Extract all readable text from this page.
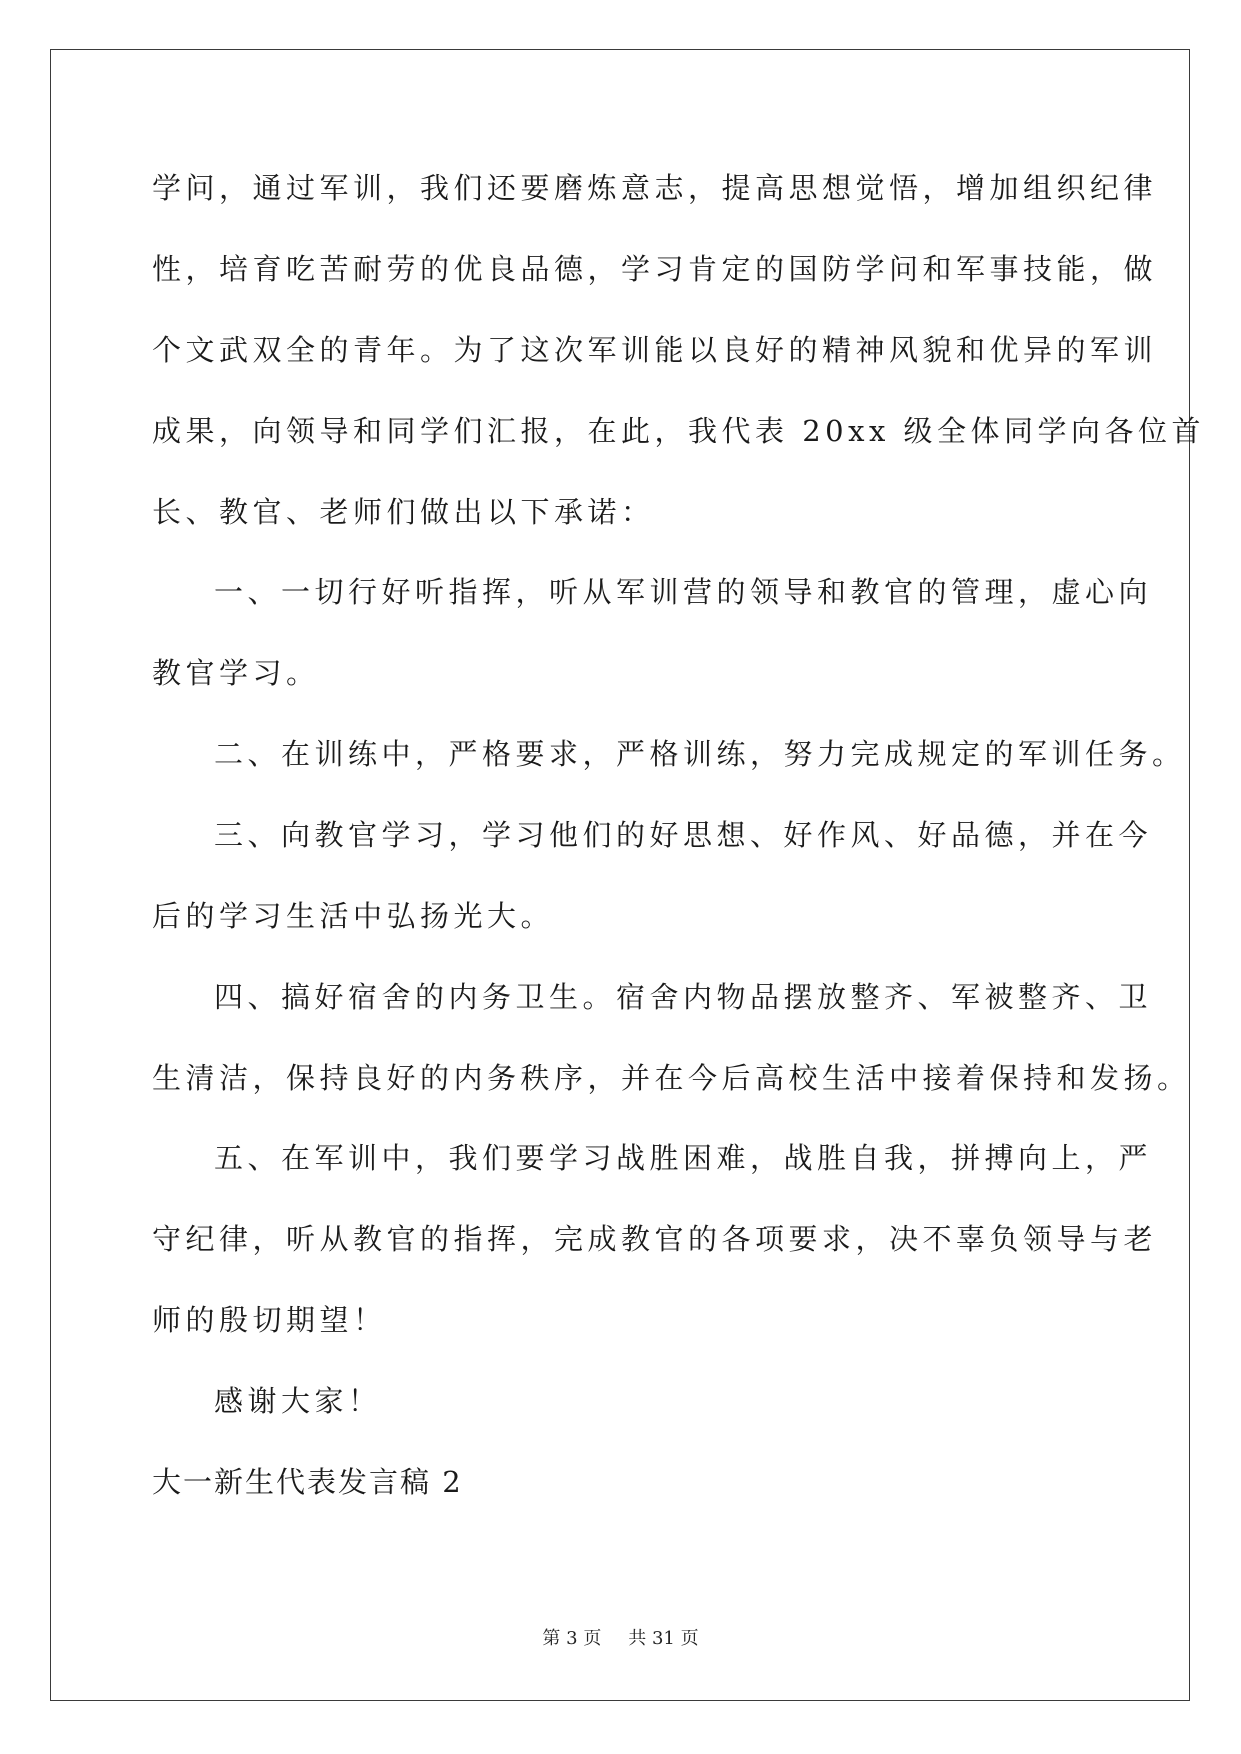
学问，通过军训，我们还要磨炼意志，提高思想觉悟，增加组织纪律
性，培育吃苦耐劳的优良品德，学习肯定的国防学问和军事技能，做
个文武双全的青年。为了这次军训能以良好的精神风貌和优异的军训
成果，向领导和同学们汇报，在此，我代表 20xx 级全体同学向各位首
长、教官、老师们做出以下承诺：
一、一切行好听指挥，听从军训营的领导和教官的管理，虚心向
教官学习。
二、在训练中，严格要求，严格训练，努力完成规定的军训任务。
三、向教官学习，学习他们的好思想、好作风、好品德，并在今
后的学习生活中弘扬光大。
四、搞好宿舍的内务卫生。宿舍内物品摆放整齐、军被整齐、卫
生清洁，保持良好的内务秩序，并在今后高校生活中接着保持和发扬。
五、在军训中，我们要学习战胜困难，战胜自我，拼搏向上，严
守纪律，听从教官的指挥，完成教官的各项要求，决不辜负领导与老
师的殷切期望！
感谢大家！
大一新生代表发言稿 2
第 3 页 共 31 页
